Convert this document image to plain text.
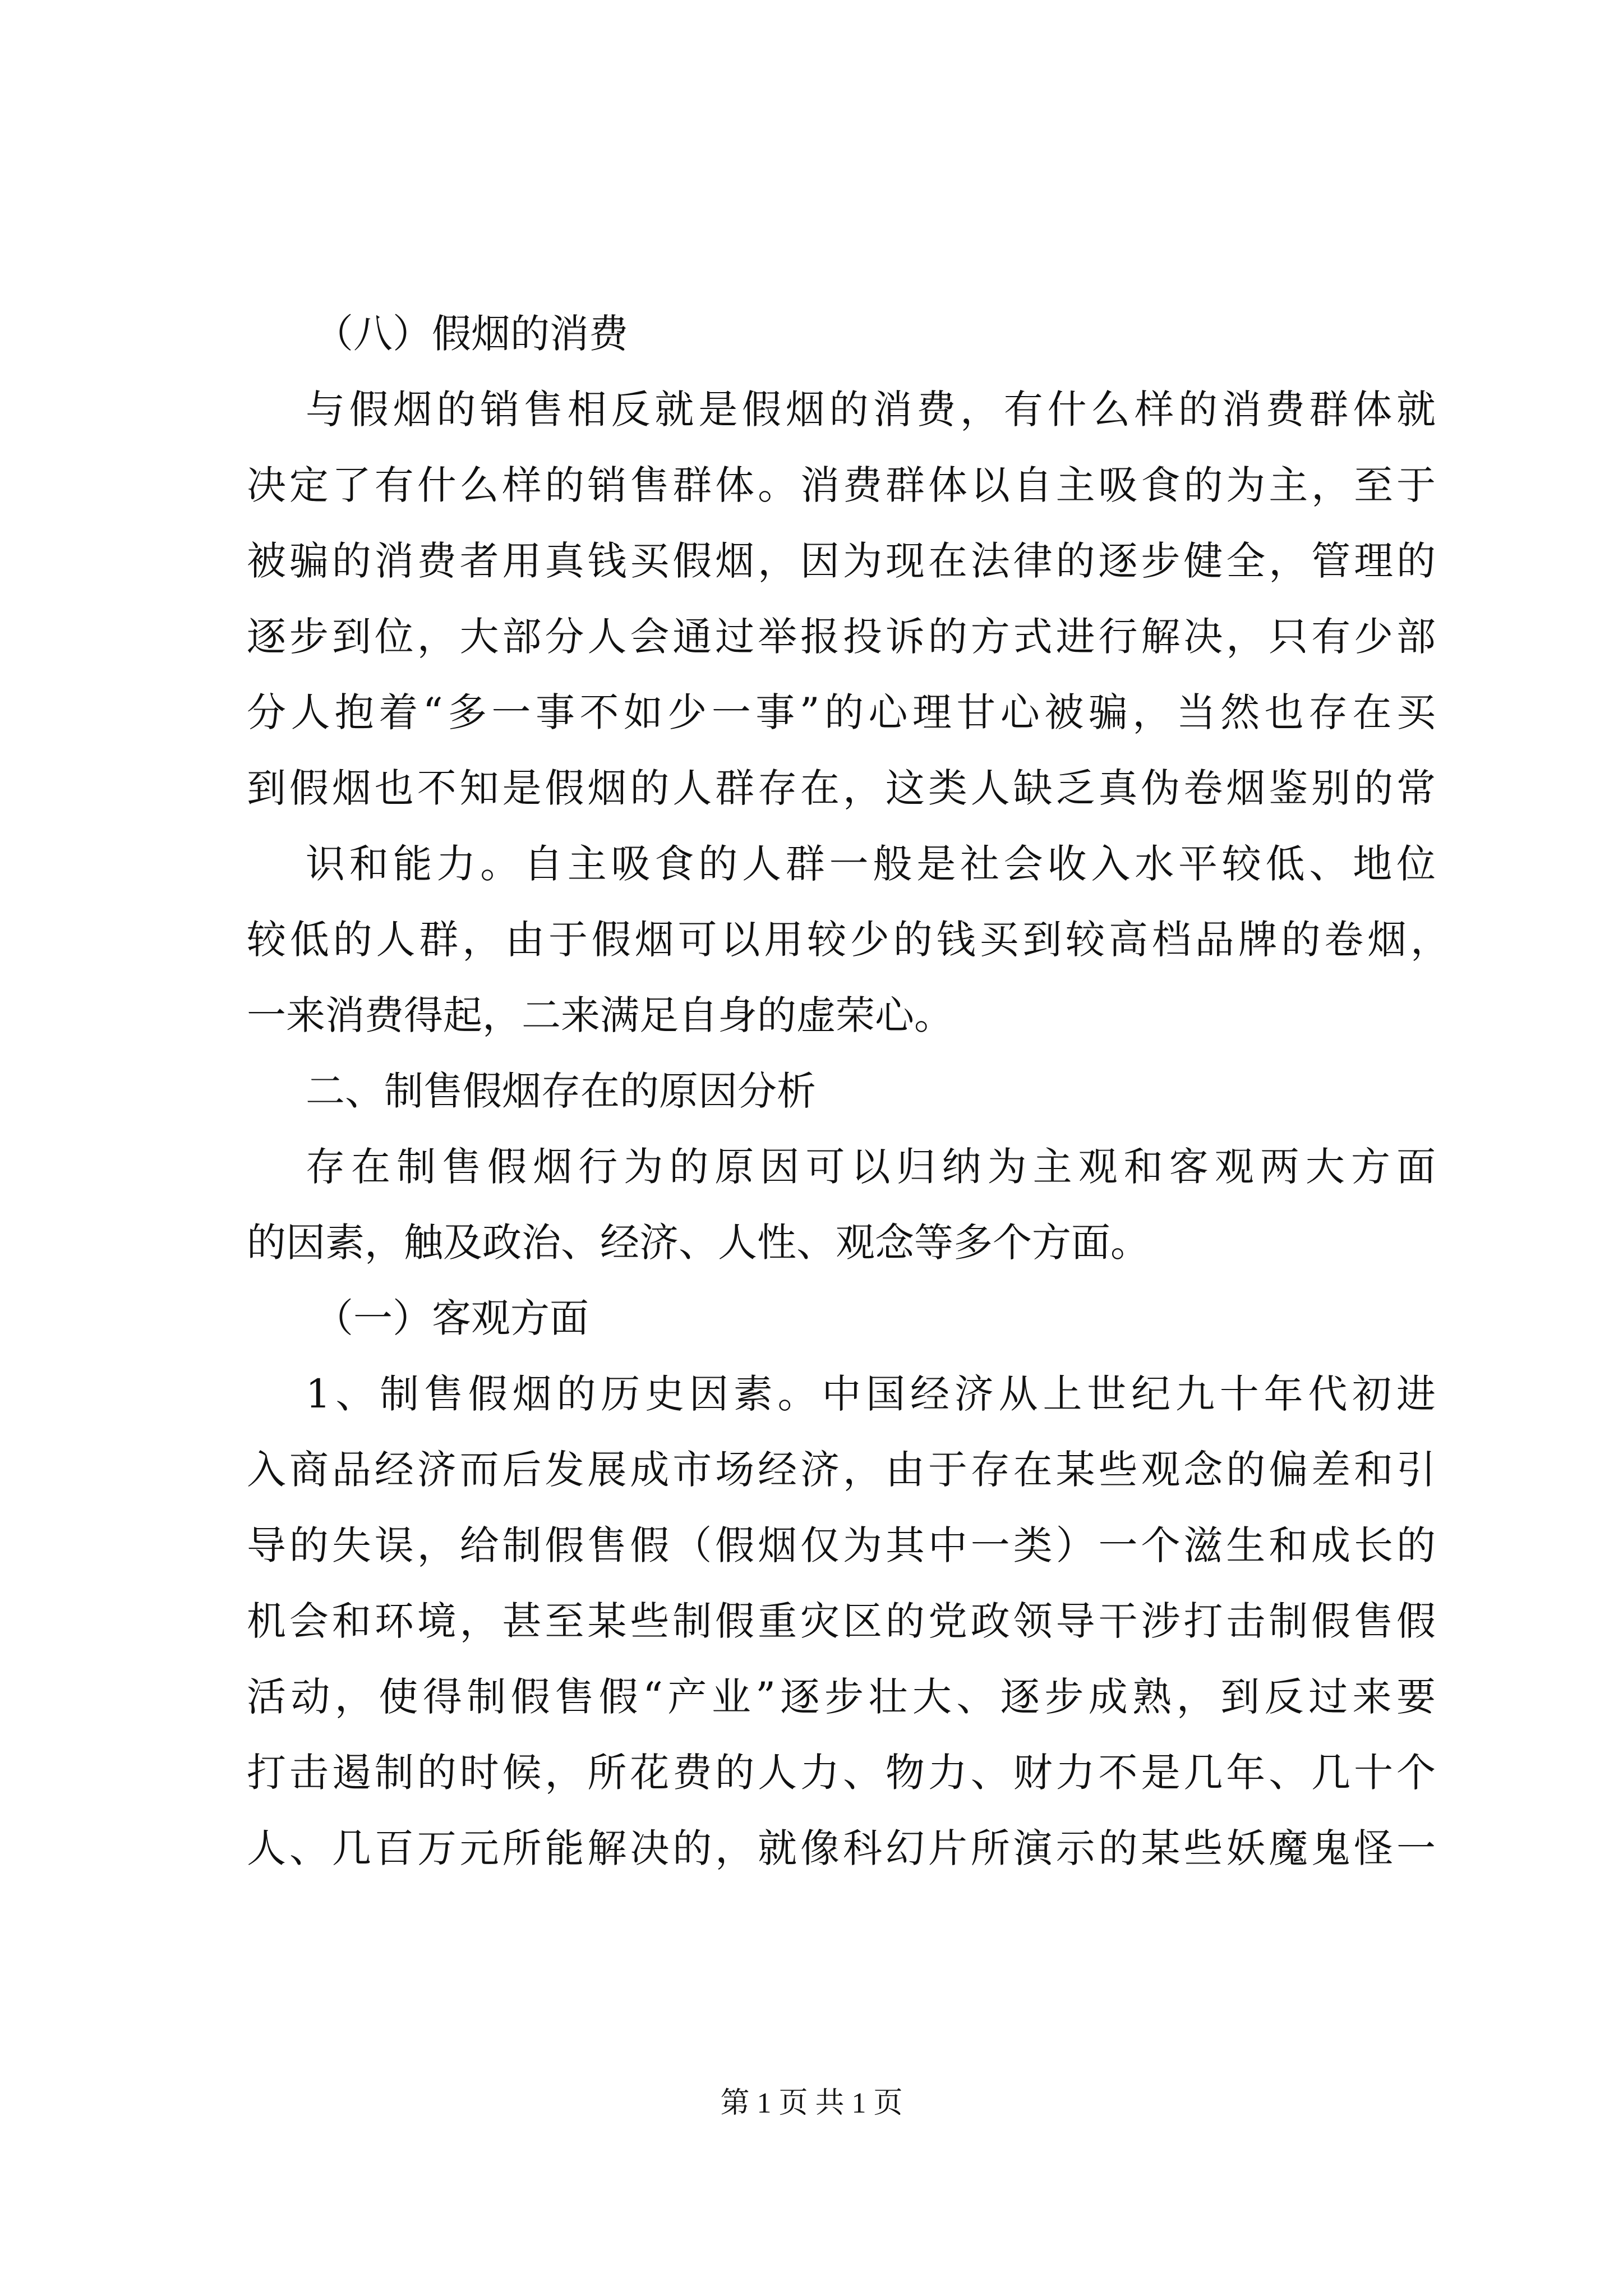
（八）假烟的消费
与假烟的销售相反就是假烟的消费，有什么样的消费群体就
决定了有什么样的销售群体。消费群体以自主吸食的为主，至于
被骗的消费者用真钱买假烟，因为现在法律的逐步健全，管理的
逐步到位，大部分人会通过举报投诉的方式进行解决，只有少部
分人抱着“多一事不如少一事”的心理甘心被骗，当然也存在买
到假烟也不知是假烟的人群存在，这类人缺乏真伪卷烟鉴别的常
识和能力。自主吸食的人群一般是社会收入水平较低、地位
较低的人群，由于假烟可以用较少的钱买到较高档品牌的卷烟，
一来消费得起，二来满足自身的虚荣心。
二、制售假烟存在的原因分析
存在制售假烟行为的原因可以归纳为主观和客观两大方面
的因素，触及政治、经济、人性、观念等多个方面。
（一）客观方面
1、制售假烟的历史因素。中国经济从上世纪九十年代初进
入商品经济而后发展成市场经济，由于存在某些观念的偏差和引
导的失误，给制假售假（假烟仅为其中一类）一个滋生和成长的
机会和环境，甚至某些制假重灾区的党政领导干涉打击制假售假
活动，使得制假售假“产业”逐步壮大、逐步成熟，到反过来要
打击遏制的时候，所花费的人力、物力、财力不是几年、几十个
人、几百万元所能解决的，就像科幻片所演示的某些妖魔鬼怪一
第 1 页 共 1 页
